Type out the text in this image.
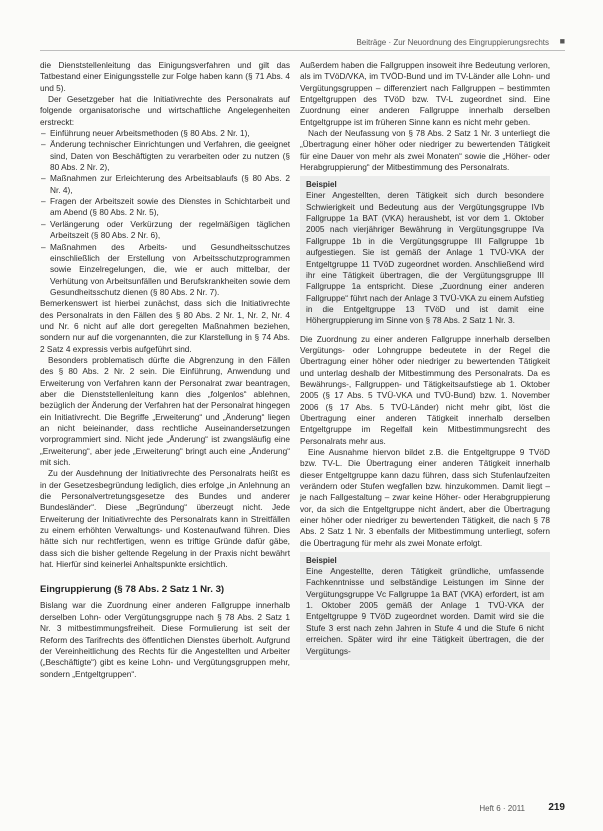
Beiträge · Zur Neuordnung des Eingruppierungsrechts ■

die Dienststellenleitung das Einigungsverfahren und gilt das Tatbestand einer Einigungsstelle zur Folge haben kann (§ 71 Abs. 4 und 5).

Der Gesetzgeber hat die Initiativrechte des Personalrats auf folgende organisatorische und wirtschaftliche Angelegenheiten erstreckt:

– Einführung neuer Arbeitsmethoden (§ 80 Abs. 2 Nr. 1),
– Änderung technischer Einrichtungen und Verfahren, die geeignet sind, Daten von Beschäftigten zu verarbeiten oder zu nutzen (§ 80 Abs. 2 Nr. 2),
– Maßnahmen zur Erleichterung des Arbeitsablaufs (§ 80 Abs. 2 Nr. 4),
– Fragen der Arbeitszeit sowie des Dienstes in Schichtarbeit und am Abend (§ 80 Abs. 2 Nr. 5),
– Verlängerung oder Verkürzung der regelmäßigen täglichen Arbeitszeit (§ 80 Abs. 2 Nr. 6),
– Maßnahmen des Arbeits- und Gesundheitsschutzes einschließlich der Erstellung von Arbeitsschutzprogrammen sowie Einzelregelungen, die, wie er auch mittelbar, der Verhütung von Arbeitsunfällen und Berufskrankheiten sowie dem Gesundheitsschutz dienen (§ 80 Abs. 2 Nr. 7).

Bemerkenswert ist hierbei zunächst, dass sich die Initiativrechte des Personalrats in den Fällen des § 80 Abs. 2 Nr. 1, Nr. 2, Nr. 4 und Nr. 6 nicht auf alle dort geregelten Maßnahmen beziehen, sondern nur auf die vorgenannten, die zur Klarstellung in § 74 Abs. 2 Satz 4 expressis verbis aufgeführt sind.

Besonders problematisch dürfte die Abgrenzung in den Fällen des § 80 Abs. 2 Nr. 2 sein. Die Einführung, Anwendung und Erweiterung von Verfahren kann der Personalrat zwar beantragen, aber die Dienststellenleitung kann dies „folgenlos“ ablehnen, bezüglich der Änderung der Verfahren hat der Personalrat hingegen ein Initiativrecht. Die Begriffe „Erweiterung“ und „Änderung“ liegen an nicht beieinander, dass rechtliche Auseinandersetzungen vorprogrammiert sind. Nicht jede „Änderung“ ist zwangsläufig eine „Erweiterung“, aber jede „Erweiterung“ bringt auch eine „Änderung“ mit sich.

Zu der Ausdehnung der Initiativrechte des Personalrats heißt es in der Gesetzesbegründung lediglich, dies erfolge „in Anlehnung an die Personalvertretungsgesetze des Bundes und anderer Bundesländer“. Diese „Begründung“ überzeugt nicht. Jede Erweiterung der Initiativrechte des Personalrats kann in Streitfällen zu einem erhöhten Verwaltungs- und Kostenaufwand führen. Dies hätte sich nur rechtfertigen, wenn es triftige Gründe dafür gäbe, dass sich die bisher geltende Regelung in der Praxis nicht bewährt hat. Hierfür sind keinerlei Anhaltspunkte ersichtlich.

Eingruppierung (§ 78 Abs. 2 Satz 1 Nr. 3)

Bislang war die Zuordnung einer anderen Fallgruppe innerhalb derselben Lohn- oder Vergütungsgruppe nach § 78 Abs. 2 Satz 1 Nr. 3 mitbestimmungsfreiheit. Diese Formulierung ist seit der Reform des Tarifrechts des öffentlichen Dienstes überholt. Aufgrund der Vereinheitlichung des Rechts für die Angestellten und Arbeiter („Beschäftigte“) gibt es keine Lohn- und Vergütungsgruppen mehr, sondern „Entgeltgruppen“.

Außerdem haben die Fallgruppen insoweit ihre Bedeutung verloren, als im TVöD/VKA, im TVÖD-Bund und im TV-Länder alle Lohn- und Vergütungsgruppen – differenziert nach Fallgruppen – bestimmten Entgeltgruppen des TVöD bzw. TV-L zugeordnet sind. Eine Zuordnung einer anderen Fallgruppe innerhalb derselben Entgeltgruppe ist im früheren Sinne kann es nicht mehr geben.

Nach der Neufassung von § 78 Abs. 2 Satz 1 Nr. 3 unterliegt die „Übertragung einer höher oder niedriger zu bewertenden Tätigkeit für eine Dauer von mehr als zwei Monaten“ sowie die „Höher- oder Herabgruppierung“ der Mitbestimmung des Personalrats.

Beispiel

Einer Angestellten, deren Tätigkeit sich durch besondere Schwierigkeit und Bedeutung aus der Vergütungsgruppe IVb Fallgruppe 1a BAT (VKA) heraushebt, ist vor dem 1. Oktober 2005 nach vierjähriger Bewährung in Vergütungsgruppe IVa Fallgruppe 1b in die Vergütungsgruppe III Fallgruppe 1b aufgestiegen. Sie ist gemäß der Anlage 1 TVÜ-VKA der Entgeltgruppe 11 TVöD zugeordnet worden. Anschließend wird ihr eine Tätigkeit übertragen, die der Vergütungsgruppe III Fallgruppe 1a entspricht. Diese „Zuordnung einer anderen Fallgruppe“ führt nach der Anlage 3 TVÜ-VKA zu einem Aufstieg in die Entgeltgruppe 13 TVöD und ist damit eine Höhergruppierung im Sinne von § 78 Abs. 2 Satz 1 Nr. 3.

Die Zuordnung zu einer anderen Fallgruppe innerhalb derselben Vergütungs- oder Lohngruppe bedeutete in der Regel die Übertragung einer höher oder niedriger zu bewertenden Tätigkeit und unterlag deshalb der Mitbestimmung des Personalrats. Da es Bewährungs-, Fallgruppen- und Tätigkeitsaufstiege ab 1. Oktober 2005 (§ 17 Abs. 5 TVÜ-VKA und TVÜ-Bund) bzw. 1. November 2006 (§ 17 Abs. 5 TVÜ-Länder) nicht mehr gibt, löst die Übertragung einer anderen Tätigkeit innerhalb derselben Entgeltgruppe im Regelfall kein Mitbestimmungsrecht des Personalrats mehr aus.

Eine Ausnahme hiervon bildet z.B. die Entgeltgruppe 9 TVöD bzw. TV-L. Die Übertragung einer anderen Tätigkeit innerhalb dieser Entgeltgruppe kann dazu führen, dass sich Stufenlaufzeiten verändern oder Stufen wegfallen bzw. hinzukommen. Damit liegt – je nach Fallgestaltung – zwar keine Höher- oder Herabgruppierung vor, da sich die Entgeltgruppe nicht ändert, aber die Übertragung einer höher oder niedriger zu bewertenden Tätigkeit, die nach § 78 Abs. 2 Satz 1 Nr. 3 ebenfalls der Mitbestimmung unterliegt, sofern die Übertragung für mehr als zwei Monate erfolgt.

Beispiel

Eine Angestellte, deren Tätigkeit gründliche, umfassende Fachkenntnisse und selbständige Leistungen im Sinne der Vergütungsgruppe Vc Fallgruppe 1a BAT (VKA) erfordert, ist am 1. Oktober 2005 gemäß der Anlage 1 TVÜ-VKA der Entgeltgruppe 9 TVöD zugeordnet worden. Damit wird sie die Stufe 3 erst nach zehn Jahren in Stufe 4 und die Stufe 6 nicht erreichen. Später wird ihr eine Tätigkeit übertragen, die der Vergütungs-

Heft 6 · 2011 219
